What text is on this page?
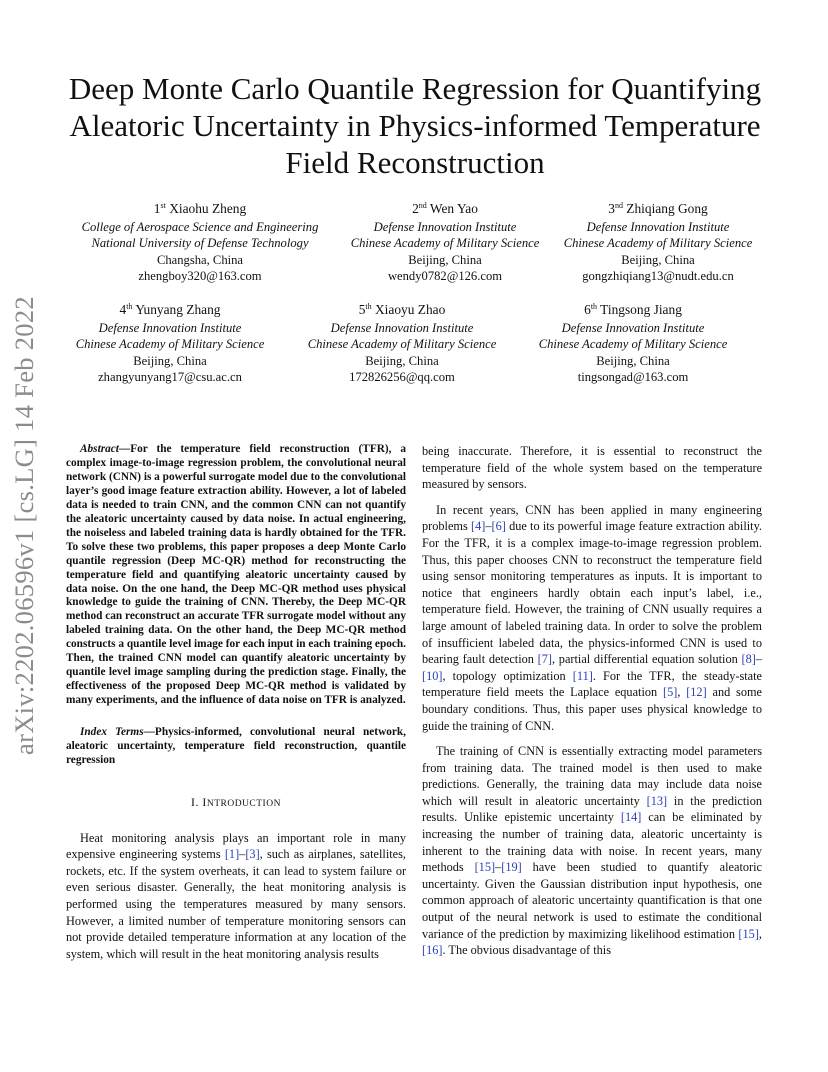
arXiv:2202.06596v1 [cs.LG] 14 Feb 2022
Deep Monte Carlo Quantile Regression for Quantifying Aleatoric Uncertainty in Physics-informed Temperature Field Reconstruction
1st Xiaohu Zheng
College of Aerospace Science and Engineering
National University of Defense Technology
Changsha, China
zhengboy320@163.com
2nd Wen Yao
Defense Innovation Institute
Chinese Academy of Military Science
Beijing, China
wendy0782@126.com
3nd Zhiqiang Gong
Defense Innovation Institute
Chinese Academy of Military Science
Beijing, China
gongzhiqiang13@nudt.edu.cn
4th Yunyang Zhang
Defense Innovation Institute
Chinese Academy of Military Science
Beijing, China
zhangyunyang17@csu.ac.cn
5th Xiaoyu Zhao
Defense Innovation Institute
Chinese Academy of Military Science
Beijing, China
172826256@qq.com
6th Tingsong Jiang
Defense Innovation Institute
Chinese Academy of Military Science
Beijing, China
tingsongad@163.com

Abstract—For the temperature field reconstruction (TFR), a complex image-to-image regression problem, the convolutional neural network (CNN) is a powerful surrogate model due to the convolutional layer’s good image feature extraction ability. However, a lot of labeled data is needed to train CNN, and the common CNN can not quantify the aleatoric uncertainty caused by data noise. In actual engineering, the noiseless and labeled training data is hardly obtained for the TFR. To solve these two problems, this paper proposes a deep Monte Carlo quantile regression (Deep MC-QR) method for reconstructing the temperature field and quantifying aleatoric uncertainty caused by data noise. On the one hand, the Deep MC-QR method uses physical knowledge to guide the training of CNN. Thereby, the Deep MC-QR method can reconstruct an accurate TFR surrogate model without any labeled training data. On the other hand, the Deep MC-QR method constructs a quantile level image for each input in each training epoch. Then, the trained CNN model can quantify aleatoric uncertainty by quantile level image sampling during the prediction stage. Finally, the effectiveness of the proposed Deep MC-QR method is validated by many experiments, and the influence of data noise on TFR is analyzed.

Index Terms—Physics-informed, convolutional neural network, aleatoric uncertainty, temperature field reconstruction, quantile regression

I. INTRODUCTION

Heat monitoring analysis plays an important role in many expensive engineering systems [1]–[3], such as airplanes, satellites, rockets, etc. If the system overheats, it can lead to system failure or even serious disaster. Generally, the heat monitoring analysis is performed using the temperatures measured by many sensors. However, a limited number of temperature monitoring sensors can not provide detailed temperature information at any location of the system, which will result in the heat monitoring analysis results

being inaccurate. Therefore, it is essential to reconstruct the temperature field of the whole system based on the temperature measured by sensors.

In recent years, CNN has been applied in many engineering problems [4]–[6] due to its powerful image feature extraction ability. For the TFR, it is a complex image-to-image regression problem. Thus, this paper chooses CNN to reconstruct the temperature field using sensor monitoring temperatures as inputs. It is important to notice that engineers hardly obtain each input’s label, i.e., temperature field. However, the training of CNN usually requires a large amount of labeled training data. In order to solve the problem of insufficient labeled data, the physics-informed CNN is used to bearing fault detection [7], partial differential equation solution [8]–[10], topology optimization [11]. For the TFR, the steady-state temperature field meets the Laplace equation [5], [12] and some boundary conditions. Thus, this paper uses physical knowledge to guide the training of CNN.

The training of CNN is essentially extracting model parameters from training data. The trained model is then used to make predictions. Generally, the training data may include data noise which will result in aleatoric uncertainty [13] in the prediction results. Unlike epistemic uncertainty [14] can be eliminated by increasing the number of training data, aleatoric uncertainty is inherent to the training data with noise. In recent years, many methods [15]–[19] have been studied to quantify aleatoric uncertainty. Given the Gaussian distribution input hypothesis, one common approach of aleatoric uncertainty quantification is that one output of the neural network is used to estimate the conditional variance of the prediction by maximizing likelihood estimation [15], [16]. The obvious disadvantage of this
